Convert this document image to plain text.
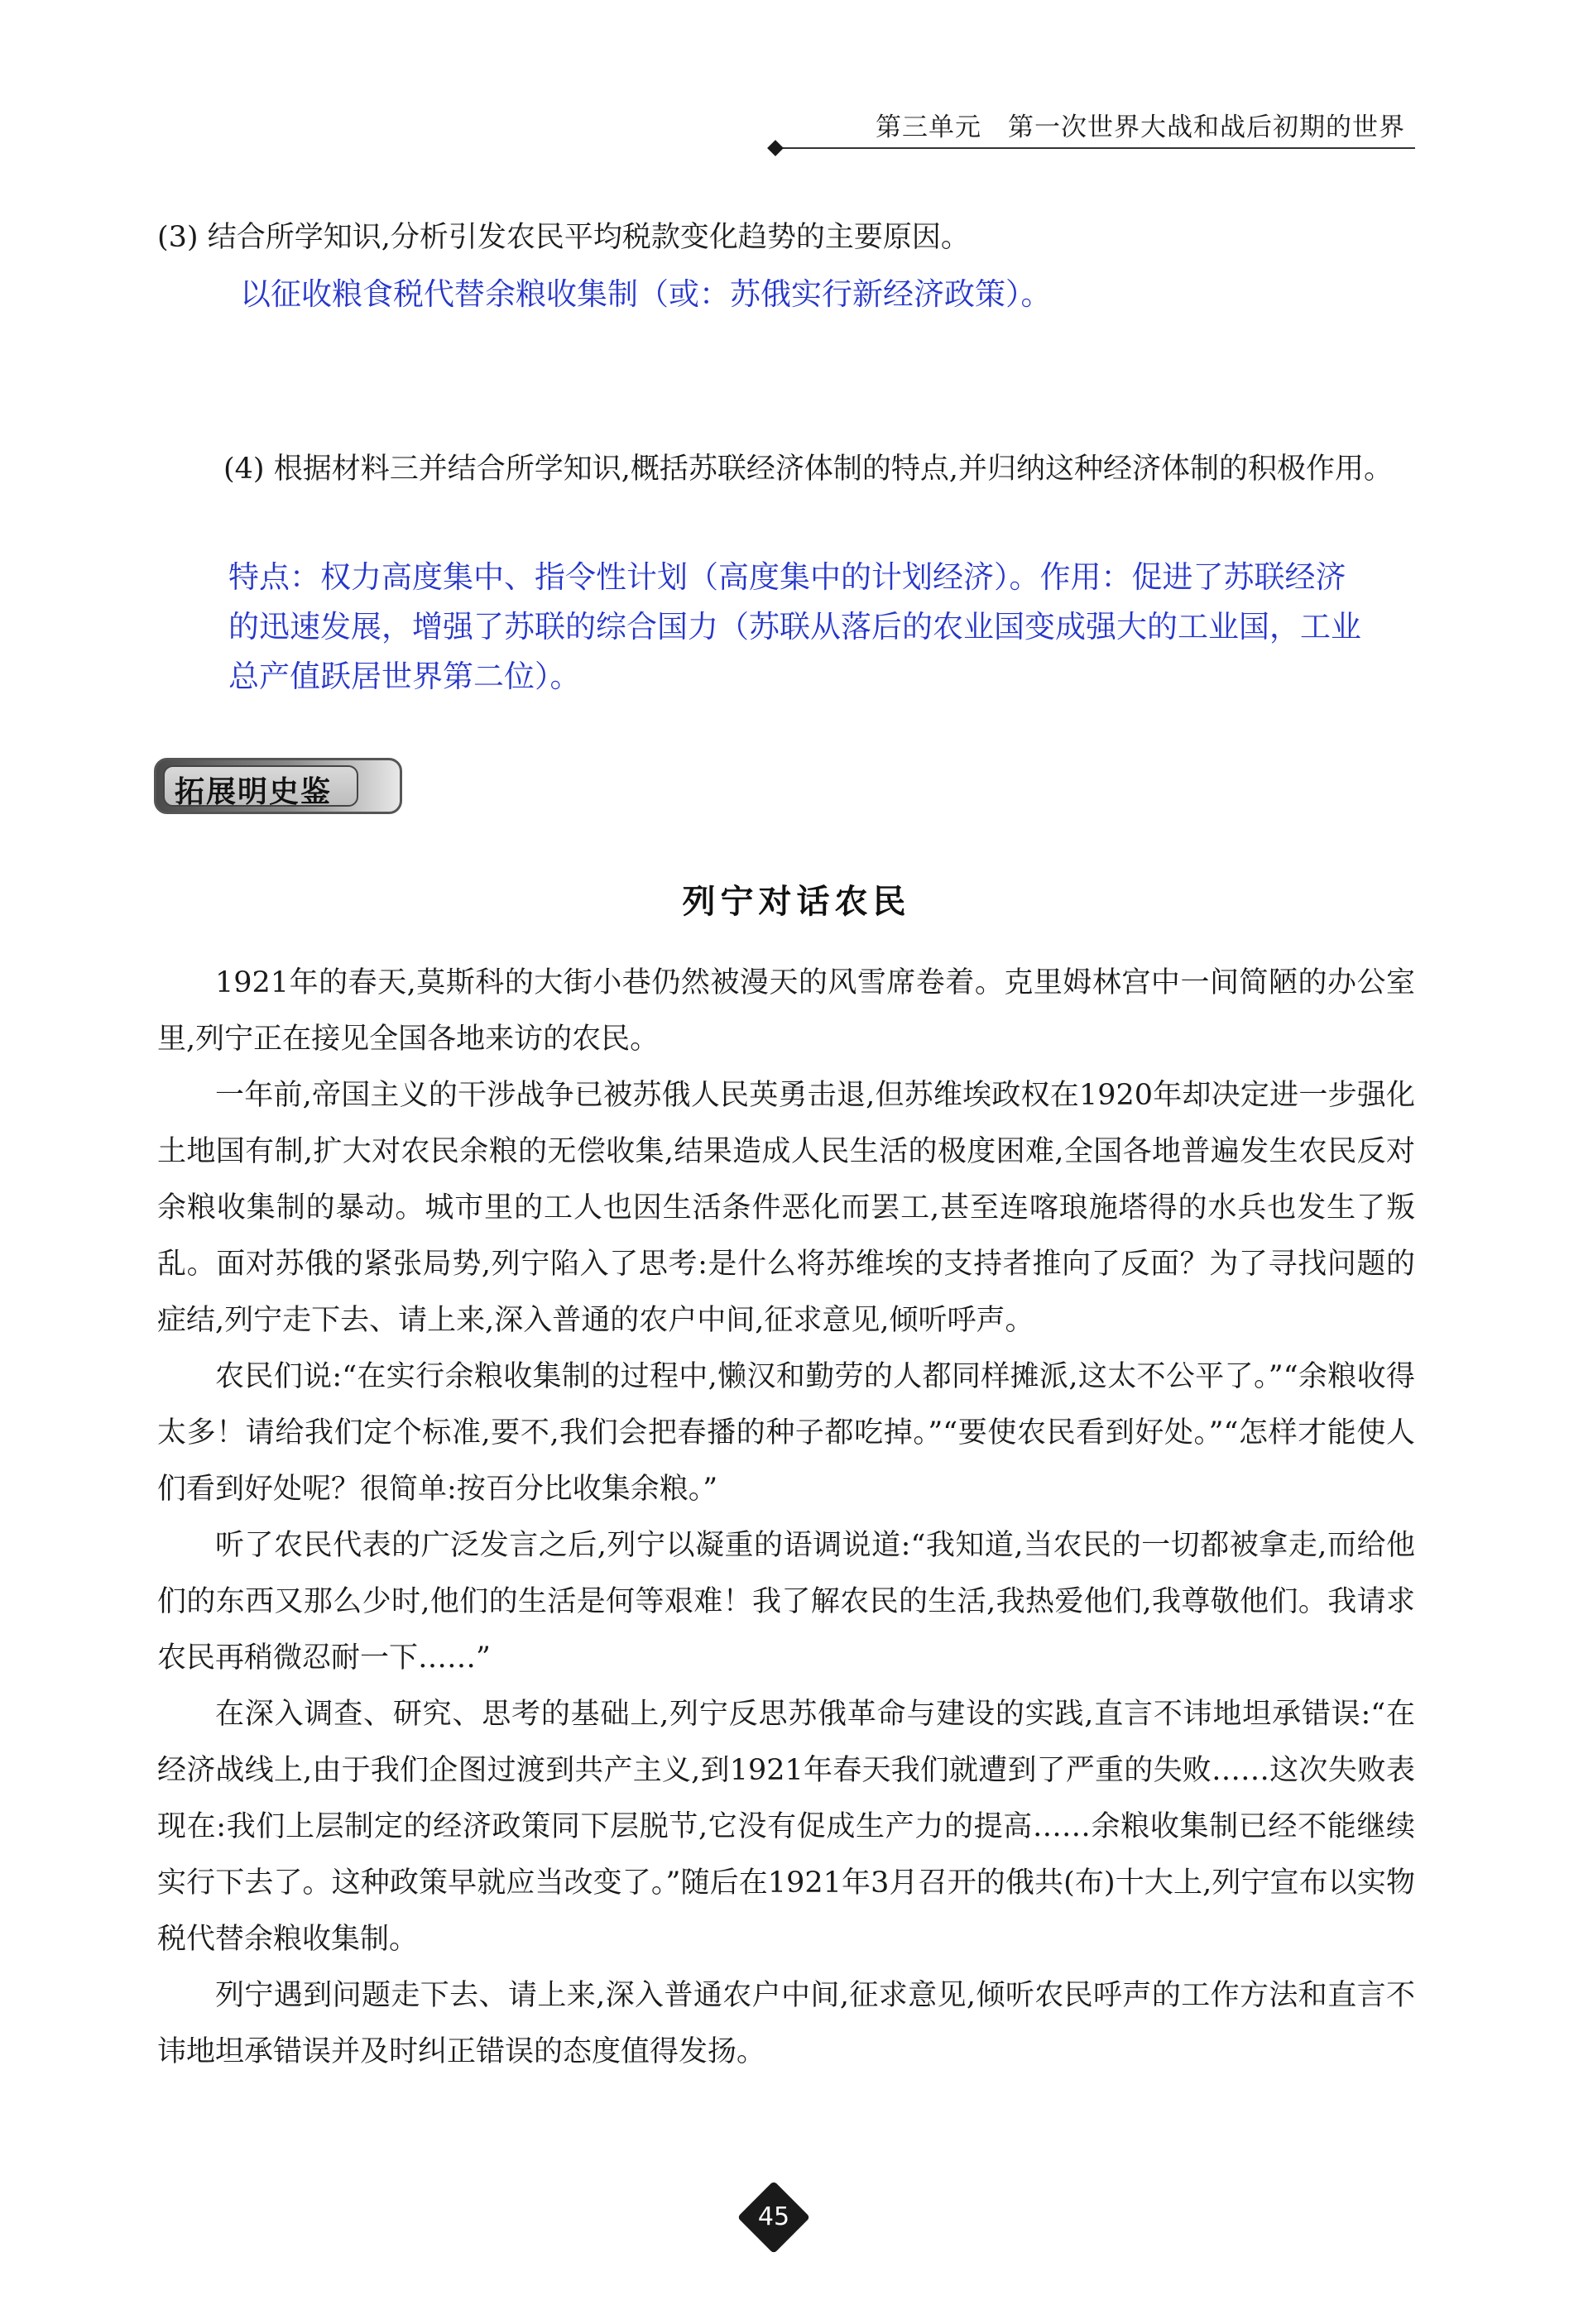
第三单元　第一次世界大战和战后初期的世界

(3) 结合所学知识,分析引发农民平均税款变化趋势的主要原因。

以征收粮食税代替余粮收集制（或：苏俄实行新经济政策）。

(4) 根据材料三并结合所学知识,概括苏联经济体制的特点,并归纳这种经济体制的积极作用。

特点：权力高度集中、指令性计划（高度集中的计划经济）。作用：促进了苏联经济的迅速发展，增强了苏联的综合国力（苏联从落后的农业国变成强大的工业国，工业总产值跃居世界第二位）。

拓展明史鉴
列宁对话农民

1921年的春天,莫斯科的大街小巷仍然被漫天的风雪席卷着。克里姆林宫中一间简陋的办公室里,列宁正在接见全国各地来访的农民。

一年前,帝国主义的干涉战争已被苏俄人民英勇击退,但苏维埃政权在1920年却决定进一步强化土地国有制,扩大对农民余粮的无偿收集,结果造成人民生活的极度困难,全国各地普遍发生农民反对余粮收集制的暴动。城市里的工人也因生活条件恶化而罢工,甚至连喀琅施塔得的水兵也发生了叛乱。面对苏俄的紧张局势,列宁陷入了思考:是什么将苏维埃的支持者推向了反面？为了寻找问题的症结,列宁走下去、请上来,深入普通的农户中间,征求意见,倾听呼声。

农民们说:“在实行余粮收集制的过程中,懒汉和勤劳的人都同样摊派,这太不公平了。”“余粮收得太多！请给我们定个标准,要不,我们会把春播的种子都吃掉。”“要使农民看到好处。”“怎样才能使人们看到好处呢？很简单:按百分比收集余粮。”

听了农民代表的广泛发言之后,列宁以凝重的语调说道:“我知道,当农民的一切都被拿走,而给他们的东西又那么少时,他们的生活是何等艰难！我了解农民的生活,我热爱他们,我尊敬他们。我请求农民再稍微忍耐一下……”

在深入调查、研究、思考的基础上,列宁反思苏俄革命与建设的实践,直言不讳地坦承错误:“在经济战线上,由于我们企图过渡到共产主义,到1921年春天我们就遭到了严重的失败……这次失败表现在:我们上层制定的经济政策同下层脱节,它没有促成生产力的提高……余粮收集制已经不能继续实行下去了。这种政策早就应当改变了。”随后在1921年3月召开的俄共(布)十大上,列宁宣布以实物税代替余粮收集制。

列宁遇到问题走下去、请上来,深入普通农户中间,征求意见,倾听农民呼声的工作方法和直言不讳地坦承错误并及时纠正错误的态度值得发扬。

45
